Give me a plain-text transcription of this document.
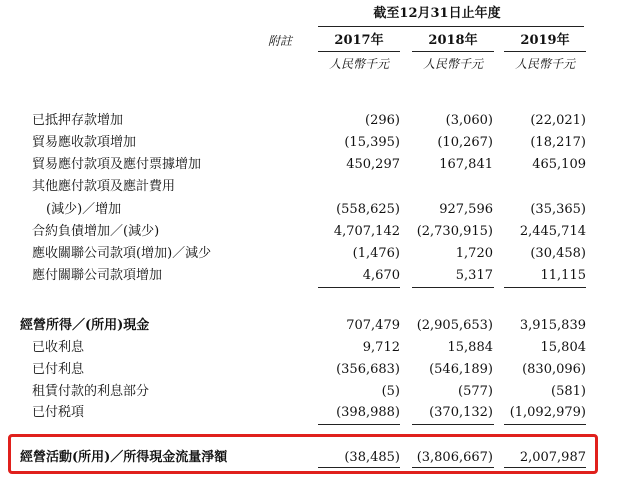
截至12月31日止年度
附註	2017年	2018年	2019年
人民幣千元	人民幣千元	人民幣千元
已抵押存款增加	(296)	(3,060)	(22,021)
貿易應收款項增加	(15,395)	(10,267)	(18,217)
貿易應付款項及應付票據增加	450,297	167,841	465,109
其他應付款項及應計費用
(減少)／增加	(558,625)	927,596	(35,365)
合約負債增加／(減少)	4,707,142	(2,730,915)	2,445,714
應收關聯公司款項(增加)／減少	(1,476)	1,720	(30,458)
應付關聯公司款項增加	4,670	5,317	11,115
經營所得／(所用)現金	707,479	(2,905,653)	3,915,839
已收利息	9,712	15,884	15,804
已付利息	(356,683)	(546,189)	(830,096)
租賃付款的利息部分	(5)	(577)	(581)
已付税項	(398,988)	(370,132)	(1,092,979)
經營活動(所用)／所得現金流量淨額	(38,485)	(3,806,667)	2,007,987
